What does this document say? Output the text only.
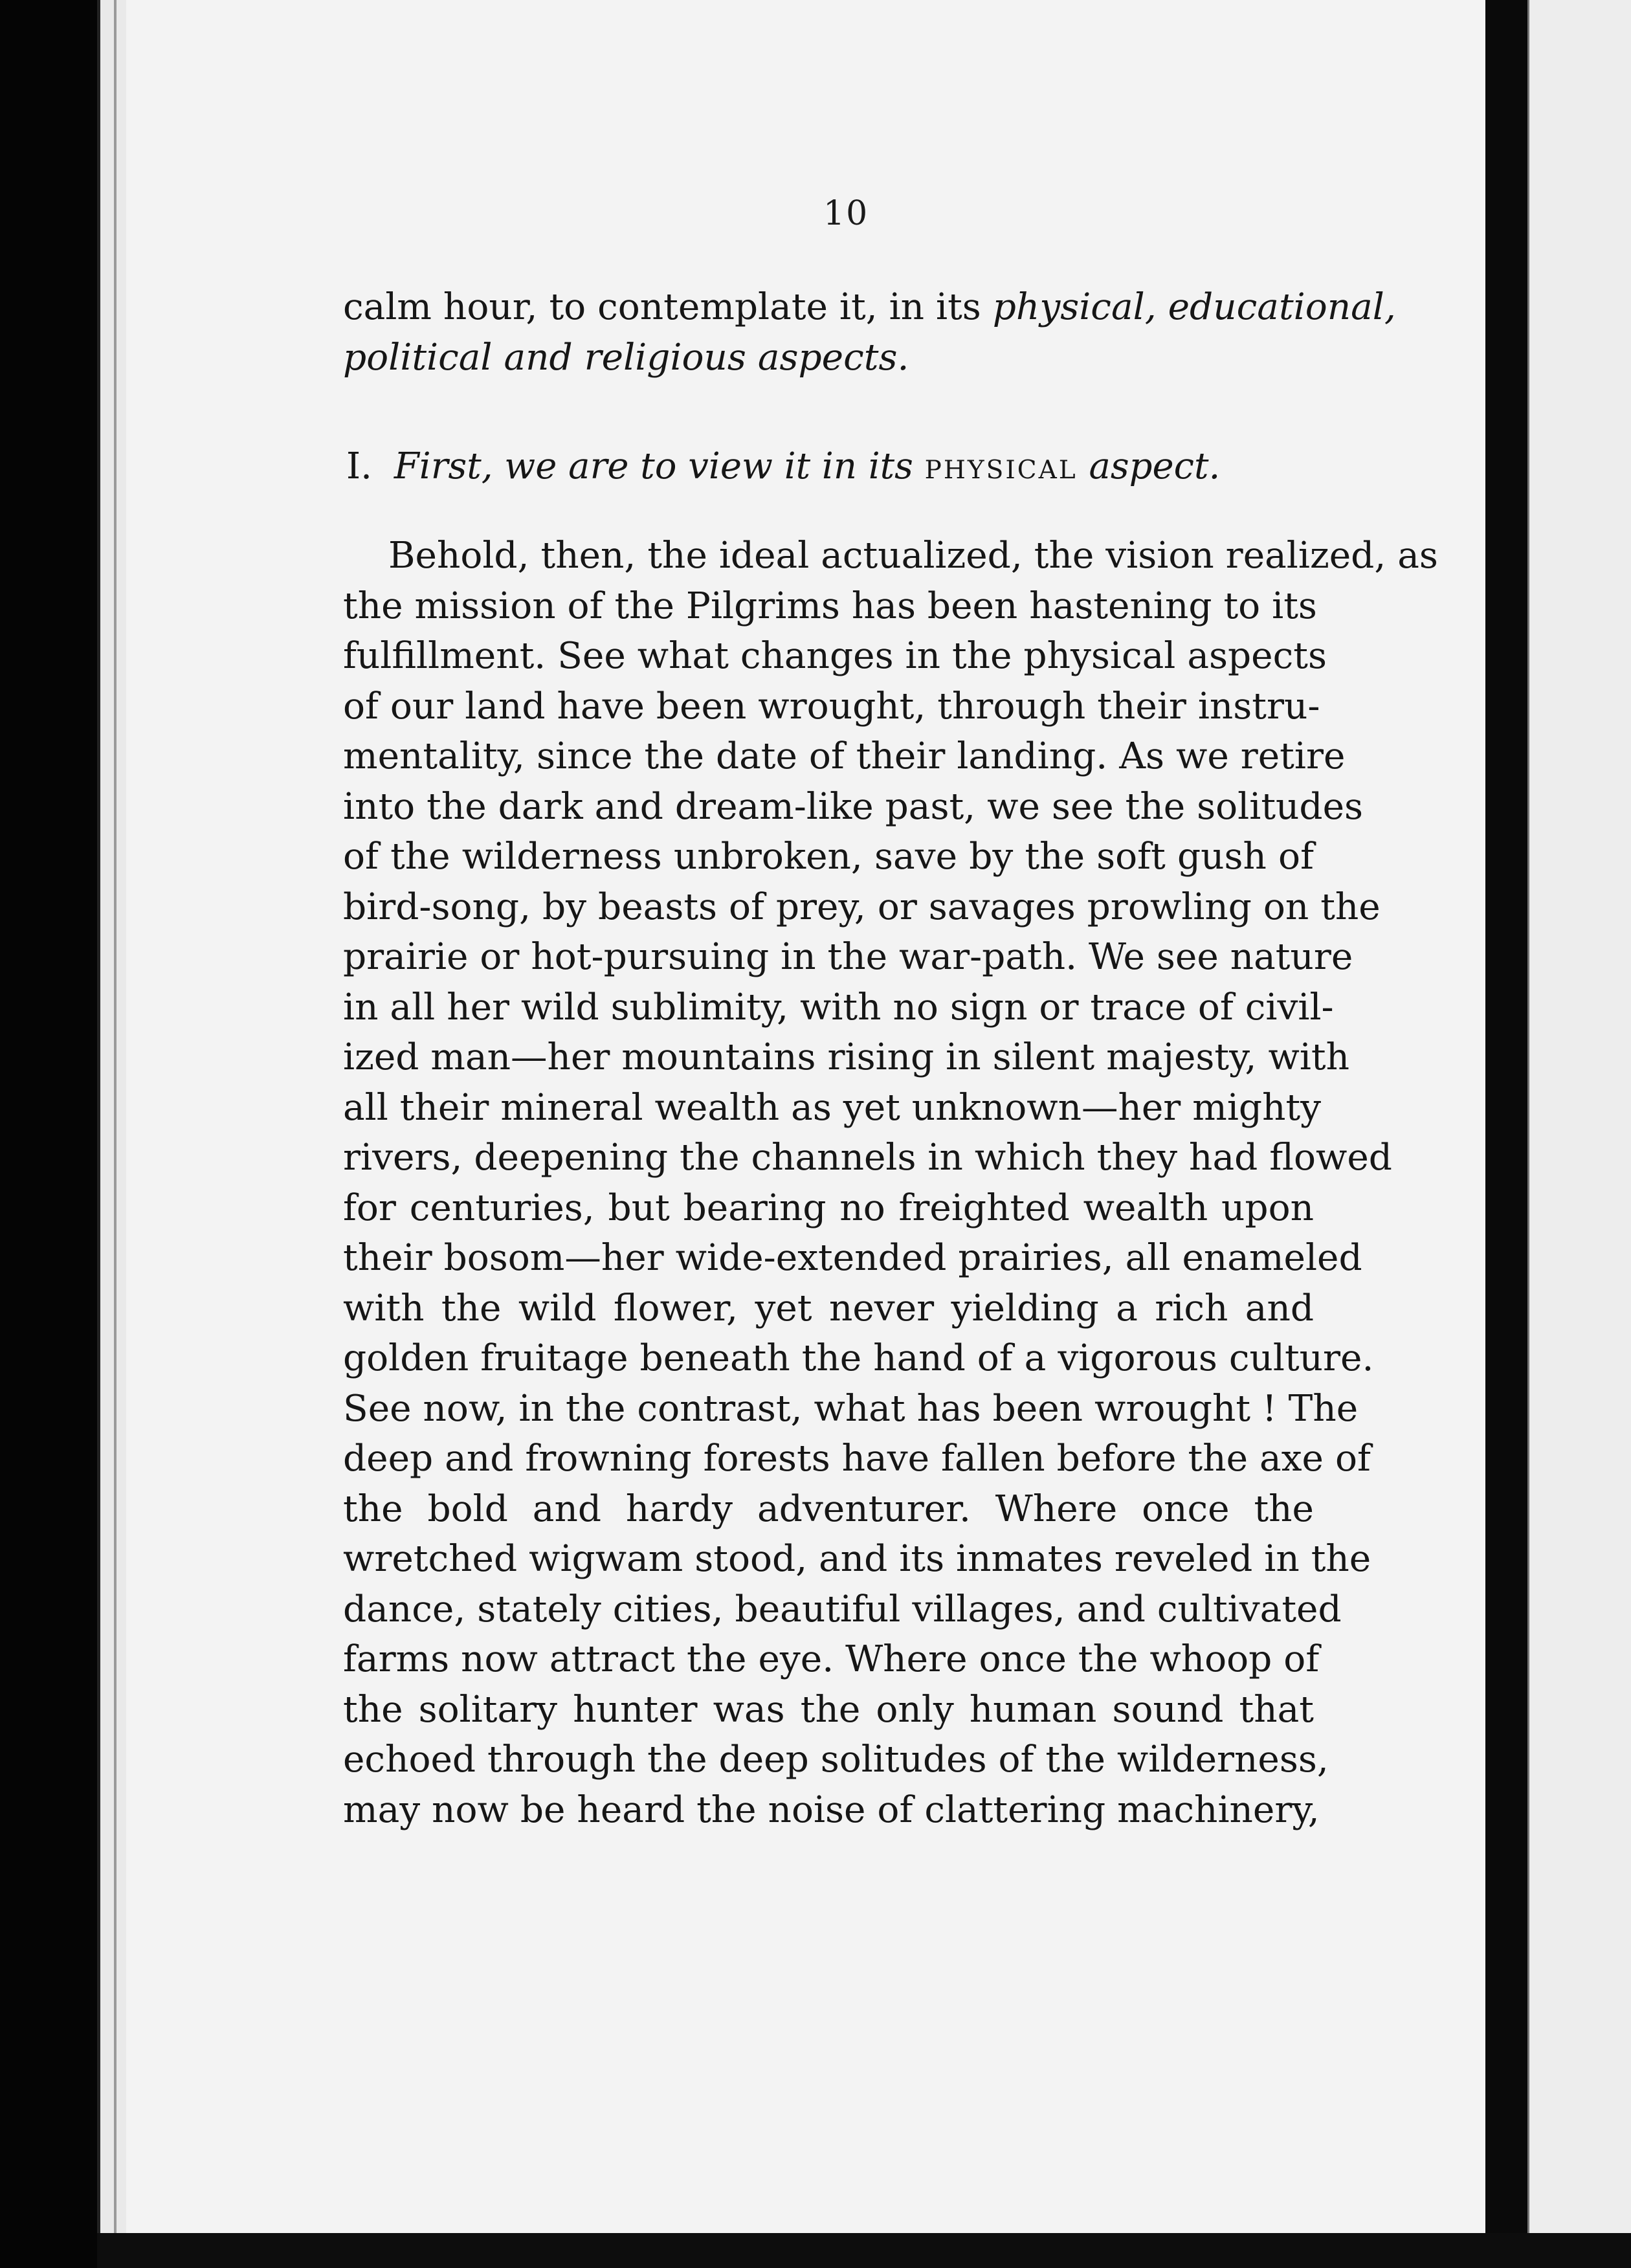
10
calm hour, to contemplate it, in its physical, educational,
political and religious aspects.
I. First, we are to view it in its physical aspect.
Behold, then, the ideal actualized, the vision realized, as
the mission of the Pilgrims has been hastening to its
fulfillment. See what changes in the physical aspects
of our land have been wrought, through their instru-
mentality, since the date of their landing. As we retire
into the dark and dream-like past, we see the solitudes
of the wilderness unbroken, save by the soft gush of
bird-song, by beasts of prey, or savages prowling on the
prairie or hot-pursuing in the war-path. We see nature
in all her wild sublimity, with no sign or trace of civil-
ized man—her mountains rising in silent majesty, with
all their mineral wealth as yet unknown—her mighty
rivers, deepening the channels in which they had flowed
for centuries, but bearing no freighted wealth upon
their bosom—her wide-extended prairies, all enameled
with the wild flower, yet never yielding a rich and
golden fruitage beneath the hand of a vigorous culture.
See now, in the contrast, what has been wrought ! The
deep and frowning forests have fallen before the axe of
the bold and hardy adventurer. Where once the
wretched wigwam stood, and its inmates reveled in the
dance, stately cities, beautiful villages, and cultivated
farms now attract the eye. Where once the whoop of
the solitary hunter was the only human sound that
echoed through the deep solitudes of the wilderness,
may now be heard the noise of clattering machinery,
